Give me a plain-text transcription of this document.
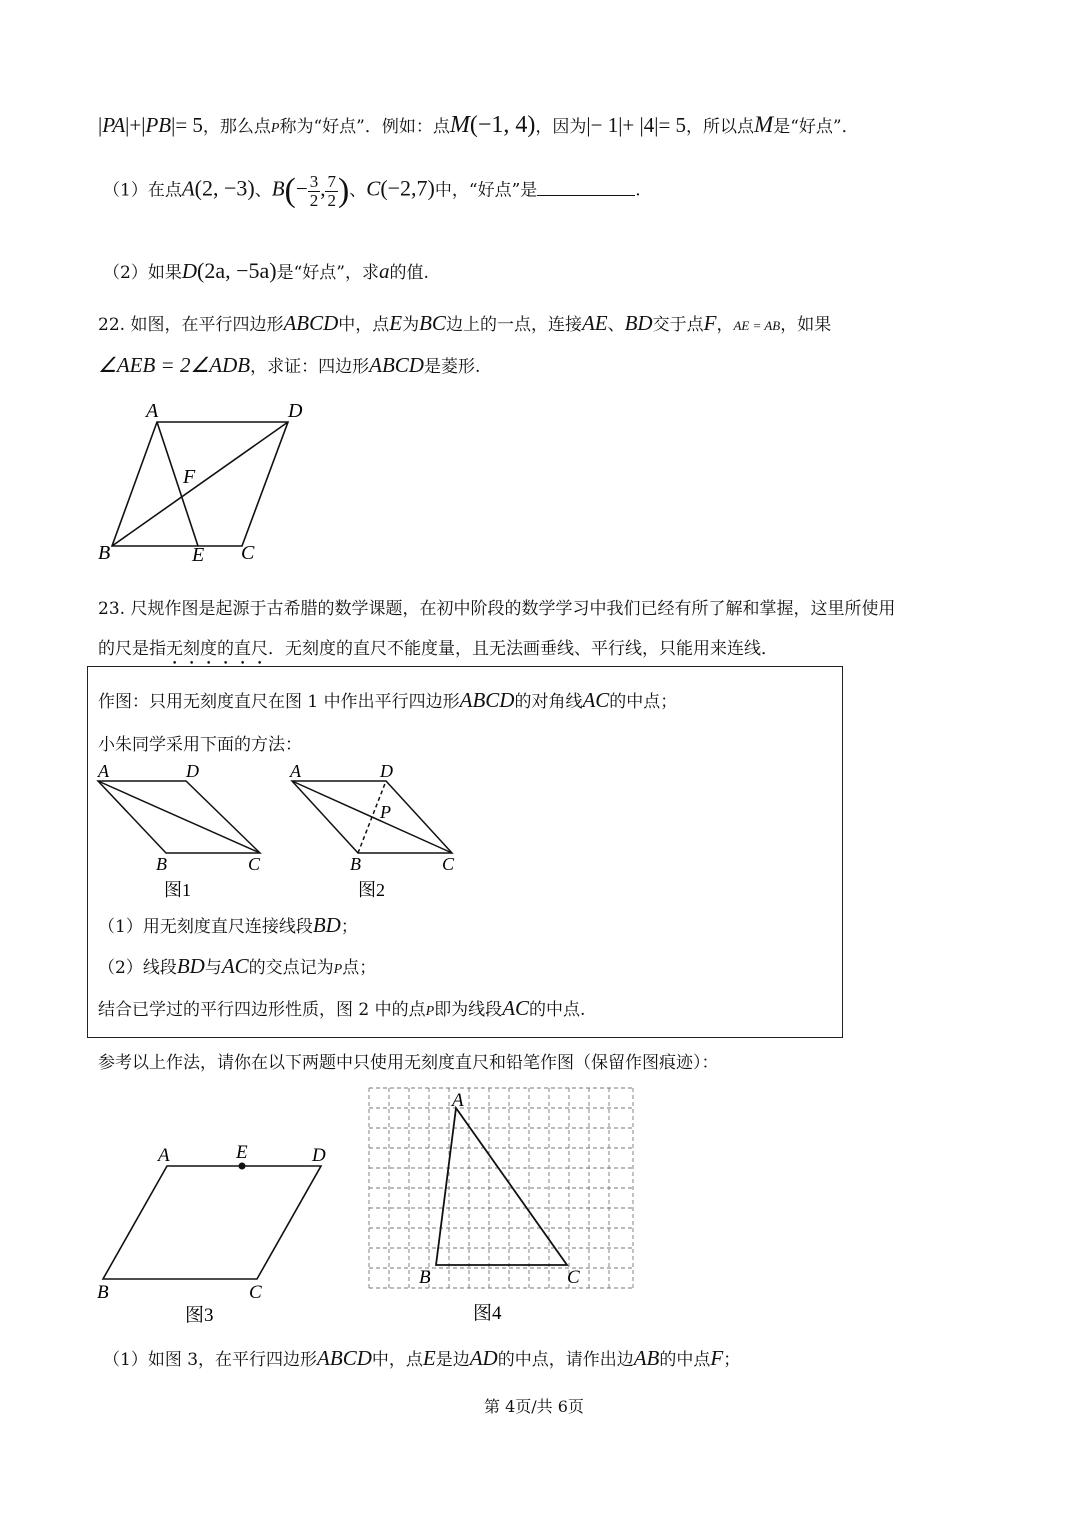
|PA|+|PB|= 5，那么点P称为“好点”．例如：点M(−1, 4)，因为|− 1|+ |4|= 5，所以点M是“好点”．
（1）在点A(2, −3)、$B(- \frac{3}{2}$ , $\frac{7}{2}$ )、C(−2,7)中，“好点”是	.
（2）如果D(2a, −5a)是“好点”，求a的值.
22. 如图，在平行四边形ABCD中，点E为BC边上的一点，连接AE、BD交于点F，AE = AB，如果
∠AEB = 2∠ADB，求证：四边形ABCD是菱形.
A	D
F
B	E C
23. 尺规作图是起源于古希腊的数学课题，在初中阶段的数学学习中我们已经有所了解和掌握，这里所使用
的尺是指无刻度的直尺．无刻度的直尺不能度量，且无法画垂线、平行线，只能用来连线．
作图：只用无刻度直尺在图 1 中作出平行四边形ABCD的对角线AC的中点；
小朱同学采用下面的方法：
A	D
B	C
图1
A	D
P
B	C
图2
（1）用无刻度直尺连接线段BD；
（2）线段BD与AC的交点记为P点；
结合已学过的平行四边形性质，图 2 中的点P即为线段AC的中点.
参考以上作法，请你在以下两题中只使用无刻度直尺和铅笔作图（保留作图痕迹）：
A	E	D
B	C
图3
A
B	C
图4
（1）如图 3，在平行四边形ABCD中，点E是边AD的中点，请作出边AB的中点F；
第 4页/共 6页
